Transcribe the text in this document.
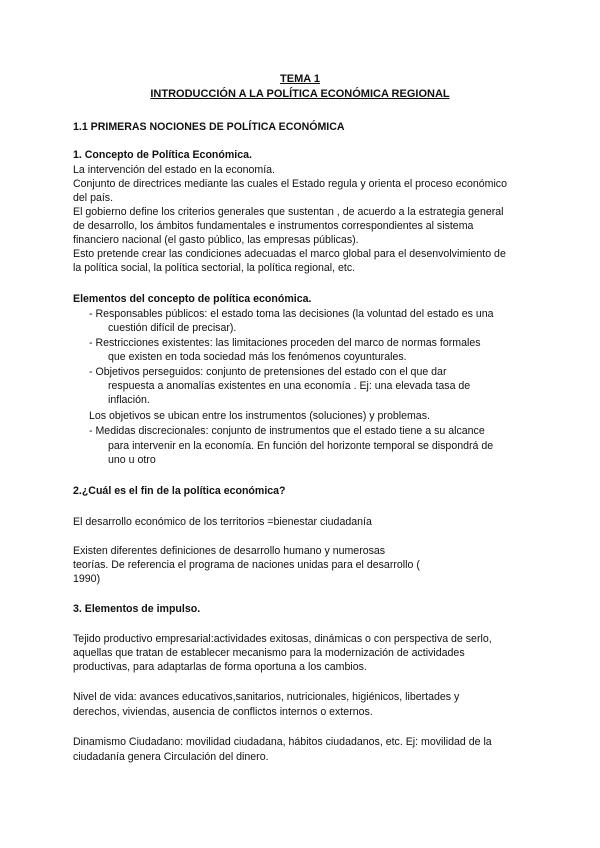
TEMA 1
INTRODUCCIÓN A LA POLÍTICA ECONÓMICA REGIONAL
1.1 PRIMERAS NOCIONES DE POLÍTICA ECONÓMICA
1. Concepto de Política Económica.
La intervención del estado en la economía.
Conjunto de directrices mediante las cuales el Estado regula y orienta el proceso económico
del país.
El gobierno define los criterios generales que sustentan , de acuerdo a la estrategia general
de desarrollo, los ámbitos fundamentales e instrumentos correspondientes al sistema
financiero nacional (el gasto público, las empresas públicas).
Esto pretende crear las condiciones adecuadas el marco global para el desenvolvimiento de
la política social, la política sectorial, la política regional, etc.
Elementos del concepto de política económica.
- Responsables públicos: el estado toma las decisiones (la voluntad del estado es una
cuestión difícil de precisar).
- Restricciones existentes: las limitaciones proceden del marco de normas formales
que existen en toda sociedad más los fenómenos coyunturales.
- Objetivos perseguidos: conjunto de pretensiones del estado con el que dar
respuesta a anomalías existentes en una economía . Ej: una elevada tasa de
inflación.
Los objetivos se ubican entre los instrumentos (soluciones) y problemas.
- Medidas discrecionales: conjunto de instrumentos que el estado tiene a su alcance
para intervenir en la economía. En función del horizonte temporal se dispondrá de
uno u otro
2.¿Cuál es el fin de la política económica?
El desarrollo económico de los territorios =bienestar ciudadanía
Existen diferentes definiciones de desarrollo humano y numerosas
teorías. De referencia el programa de naciones unidas para el desarrollo (
1990)
3. Elementos de impulso.
Tejido productivo empresarial:actividades exitosas, dinámicas o con perspectiva de serlo,
aquellas que tratan de establecer mecanismo para la modernización de actividades
productivas, para adaptarlas de forma oportuna a los cambios.
Nivel de vida: avances educativos,sanitarios, nutricionales, higiénicos, libertades y
derechos, viviendas, ausencia de conflictos internos o externos.
Dinamismo Ciudadano: movilidad ciudadana, hábitos ciudadanos, etc. Ej: movilidad de la
ciudadanía genera Circulación del dinero.
